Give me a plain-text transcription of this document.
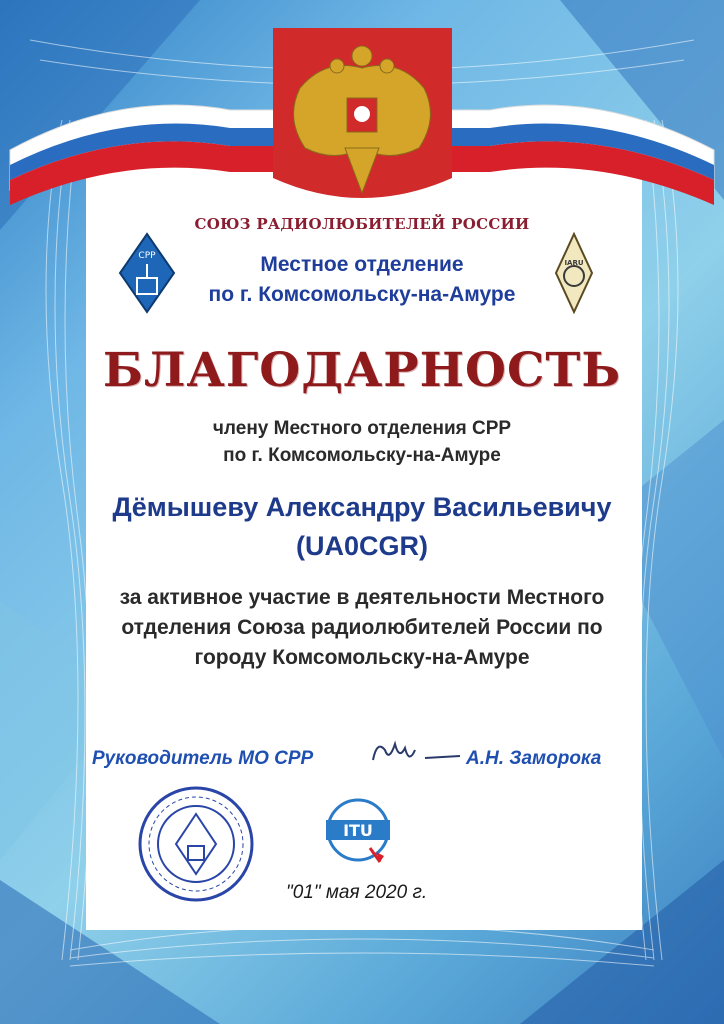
СРР
IARU

СОЮЗ РАДИОЛЮБИТЕЛЕЙ РОССИИ

Местное отделение

по г. Комсомольску-на-Амуре

БЛАГОДАРНОСТЬ

члену Местного отделения СРР

по г. Комсомольску-на-Амуре

Дёмышеву Александру Васильевичу

(UA0CGR)

за активное участие в деятельности Местного

отделения Союза радиолюбителей России по

городу Комсомольску-на-Амуре

Руководитель МО СРР	А.Н. Заморока

ITU

"01" мая 2020 г.
